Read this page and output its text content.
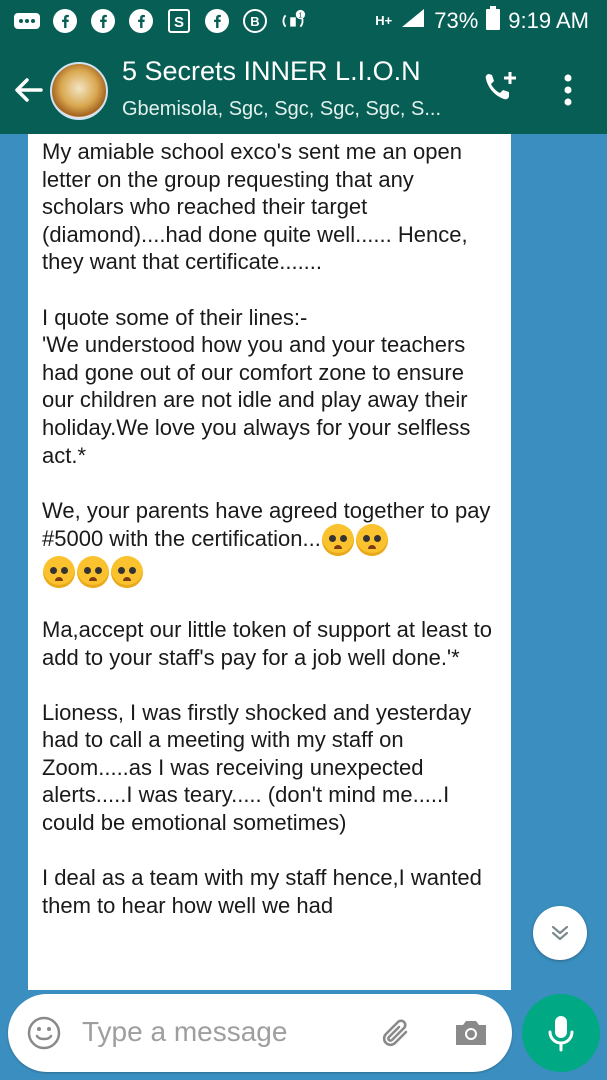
S	B	1	H+ 73% 9:19 AM
5 Secrets INNER L.I.O.N
Gbemisola, Sgc, Sgc, Sgc, Sgc, S...

My amiable school exco's sent me an open letter on the group requesting that any scholars who reached their target (diamond)....had done quite well...... Hence, they want that certificate.......

I quote some of their lines:-
'We understood how you and your teachers had gone out of our comfort zone to ensure our children are not idle and play away their holiday.We love you always for your selfless act.*

We, your parents have agreed together to pay #5000 with the certification...

Ma,accept our little token of support at least to add to your staff's pay for a job well done.'*

Lioness, I was firstly shocked and yesterday had to call a meeting with my staff on Zoom.....as I was receiving unexpected alerts.....I was teary..... (don't mind me.....I could be emotional sometimes)

I deal as a team with my staff hence,I wanted them to hear how well we had

Type a message
